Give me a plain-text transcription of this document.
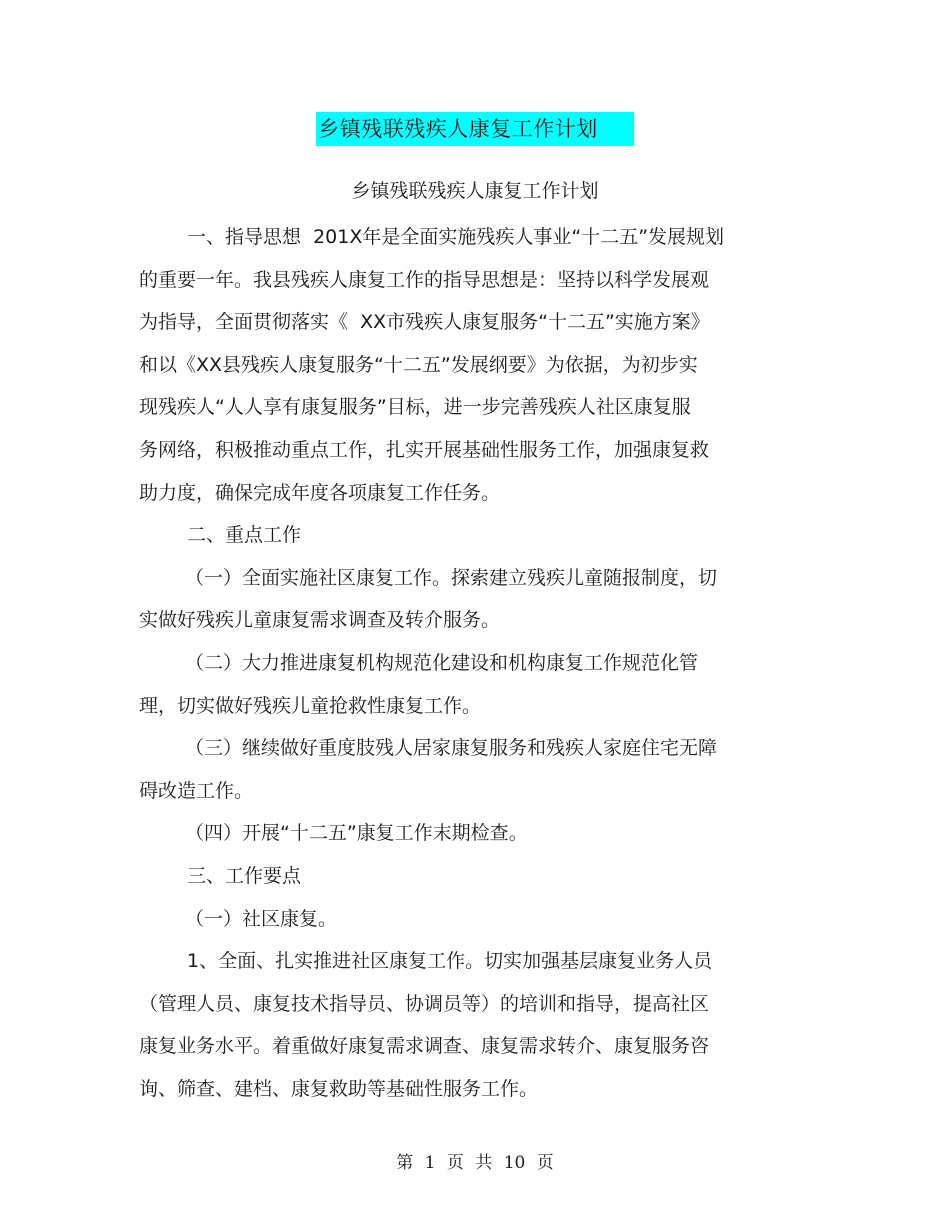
乡镇残联残疾人康复工作计划
乡镇残联残疾人康复工作计划
一、指导思想  201X年是全面实施残疾人事业“十二五”发展规划
的重要一年。我县残疾人康复工作的指导思想是：坚持以科学发展观
为指导，全面贯彻落实《  XX市残疾人康复服务“十二五”实施方案》
和以《XX县残疾人康复服务“十二五”发展纲要》为依据，为初步实
现残疾人“人人享有康复服务”目标，进一步完善残疾人社区康复服
务网络，积极推动重点工作，扎实开展基础性服务工作，加强康复救
助力度，确保完成年度各项康复工作任务。
二、重点工作
（一）全面实施社区康复工作。探索建立残疾儿童随报制度，切
实做好残疾儿童康复需求调查及转介服务。
（二）大力推进康复机构规范化建设和机构康复工作规范化管
理，切实做好残疾儿童抢救性康复工作。
（三）继续做好重度肢残人居家康复服务和残疾人家庭住宅无障
碍改造工作。
（四）开展“十二五”康复工作末期检查。
三、工作要点
（一）社区康复。
1、全面、扎实推进社区康复工作。切实加强基层康复业务人员
（管理人员、康复技术指导员、协调员等）的培训和指导，提高社区
康复业务水平。着重做好康复需求调查、康复需求转介、康复服务咨
询、筛查、建档、康复救助等基础性服务工作。
第 1 页 共 10 页
